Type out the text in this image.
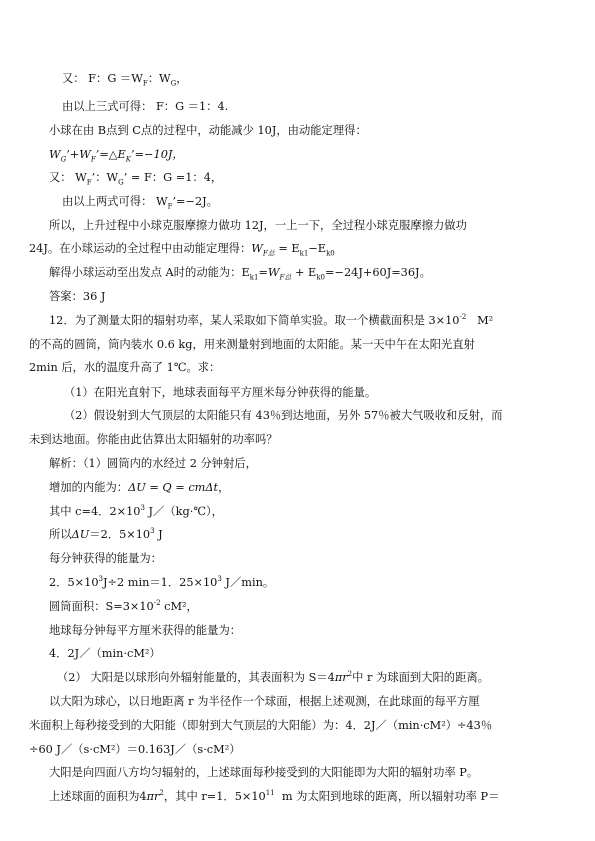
又： F：$G =W_F$：$W_G$，
由以上三式可得： F：G ＝1：4.
小球在由 B点到 C点的过程中，动能减少 10J，由动能定理得：
$W_G’+W_F’=\triangle E_K’=-10J$，
又： $W_F$’：$W_G$’ = F：G =1：4，
由以上两式可得： $W_F’=-2J$。
所以，上升过程中小球克服摩擦力做功 12J，一上一下，全过程小球克服摩擦力做功
24J。在小球运动的全过程中由动能定理得：$W_{F总} = E_{k1}-E_{k0}$
解得小球运动至出发点 A时的动能为：$E_{k1}=W_{F总} + E_{k0}=-24J+60J=36J$。
答案：36 J
12．为了测量太阳的辐射功率，某人采取如下简单实验。取一个横截面积是 $3\times 10^{-2}$ M²
的不高的圆筒，筒内装水 0.6 kg，用来测量射到地面的太阳能。某一天中午在太阳光直射
2min 后，水的温度升高了 1℃。求：
（1）在阳光直射下，地球表面每平方厘米每分钟获得的能量。
（2）假设射到大气顶层的太阳能只有 43％到达地面，另外 57％被大气吸收和反射，而
未到达地面。你能由此估算出太阳辐射的功率吗？
解析：（1）圆筒内的水经过 2 分钟射后，
增加的内能为：ΔU = Q = cmΔt，
其中 c=4．$2\times 10^3$ J／（kg·℃），
所以ΔU＝2．$5\times 10^3$ J
每分钟获得的能量为：
2．$5\times 10^3J\div 2$ min＝1．$25\times 10^3$ J／min。
圆筒面积：$S=3\times 10^{-2}$ cM²，
地球每分钟每平方厘米获得的能量为：
4．2J／（min·cM²）
（2） 大阳是以球形向外辐射能量的，其表面积为 $S=4\pi r^2$中 r 为球面到大阳的距离。
以大阳为球心，以日地距离 r 为半径作一个球面，根据上述观测，在此球面的每平方厘
米面积上每秒接受到的大阳能（即射到大气顶层的大阳能）为：4．2J／（min·cM²）÷43％
÷60 J／（s·cM²）＝0.163J／（s·cM²）
大阳是向四面八方均匀辐射的，上述球面每秒接受到的大阳能即为大阳的辐射功率 P。
上述球面的面积为$4\pi r^2$，其中 r=1．$5\times 10^{11}$ m 为太阳到地球的距离，所以辐射功率 P＝
